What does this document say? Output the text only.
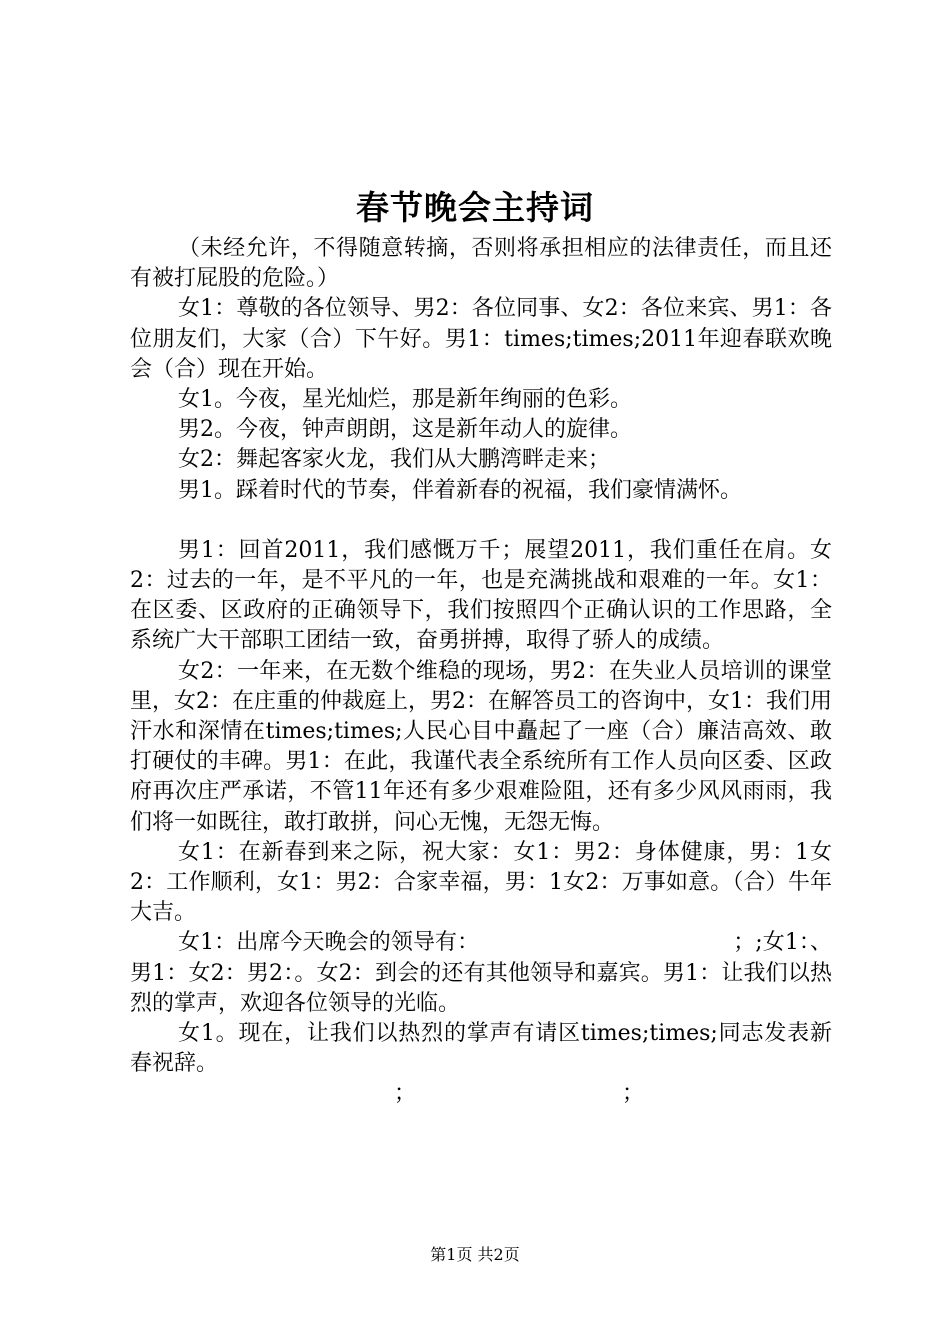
春节晚会主持词

（未经允许，不得随意转摘，否则将承担相应的法律责任，而且还有被打屁股的危险。）

女1：尊敬的各位领导、男2：各位同事、女2：各位来宾、男1：各位朋友们，大家（合）下午好。男1：times;times;2011年迎春联欢晚会（合）现在开始。

女1。今夜，星光灿烂，那是新年绚丽的色彩。

男2。今夜，钟声朗朗，这是新年动人的旋律。

女2：舞起客家火龙，我们从大鹏湾畔走来；

男1。踩着时代的节奏，伴着新春的祝福，我们豪情满怀。

男1：回首2011，我们感慨万千；展望2011，我们重任在肩。女2：过去的一年，是不平凡的一年，也是充满挑战和艰难的一年。女1：在区委、区政府的正确领导下，我们按照四个正确认识的工作思路，全系统广大干部职工团结一致，奋勇拼搏，取得了骄人的成绩。

女2：一年来，在无数个维稳的现场，男2：在失业人员培训的课堂里，女2：在庄重的仲裁庭上，男2：在解答员工的咨询中，女1：我们用汗水和深情在times;times;人民心目中矗起了一座（合）廉洁高效、敢打硬仗的丰碑。男1：在此，我谨代表全系统所有工作人员向区委、区政府再次庄严承诺，不管11年还有多少艰难险阻，还有多少风风雨雨，我们将一如既往，敢打敢拼，问心无愧，无怨无悔。

女1：在新春到来之际，祝大家：女1：男2：身体健康，男：1女2：工作顺利，女1：男2：合家幸福，男：1女2：万事如意。（合）牛年大吉。

女1：出席今天晚会的领导有：　　　　　　　　　　　　；;女1：、男1：女2：男2：。女2：到会的还有其他领导和嘉宾。男1：让我们以热烈的掌声，欢迎各位领导的光临。

女1。现在，让我们以热烈的掌声有请区times;times;同志发表新春祝辞。

；	；
第1页 共2页
